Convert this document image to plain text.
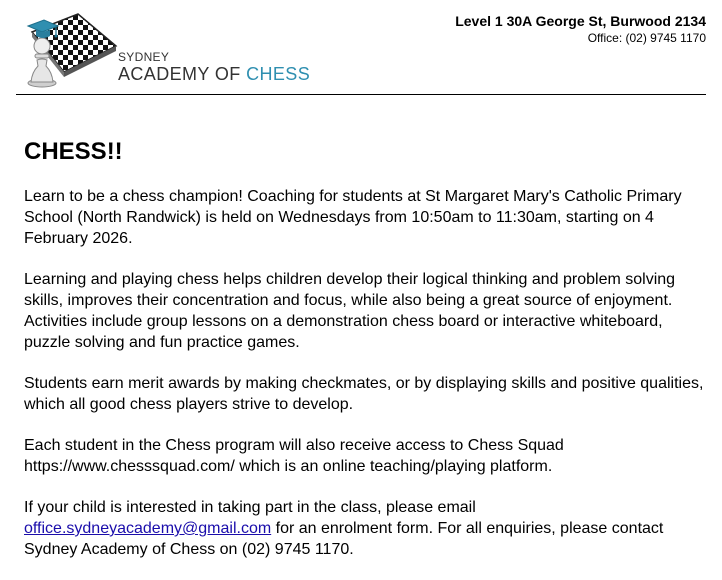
SYDNEY
ACADEMY OF CHESS
Level 1 30A George St, Burwood 2134
Office: (02) 9745 1170
CHESS!!

Learn to be a chess champion! Coaching for students at St Margaret Mary's Catholic Primary School (North Randwick) is held on Wednesdays from 10:50am to 11:30am, starting on 4 February 2026.

Learning and playing chess helps children develop their logical thinking and problem solving skills, improves their concentration and focus, while also being a great source of enjoyment. Activities include group lessons on a demonstration chess board or interactive whiteboard, puzzle solving and fun practice games.

Students earn merit awards by making checkmates, or by displaying skills and positive qualities, which all good chess players strive to develop.

Each student in the Chess program will also receive access to Chess Squad https://www.chesssquad.com/ which is an online teaching/playing platform.

If your child is interested in taking part in the class, please email
office.sydneyacademy@gmail.com for an enrolment form. For all enquiries, please contact Sydney Academy of Chess on (02) 9745 1170.
